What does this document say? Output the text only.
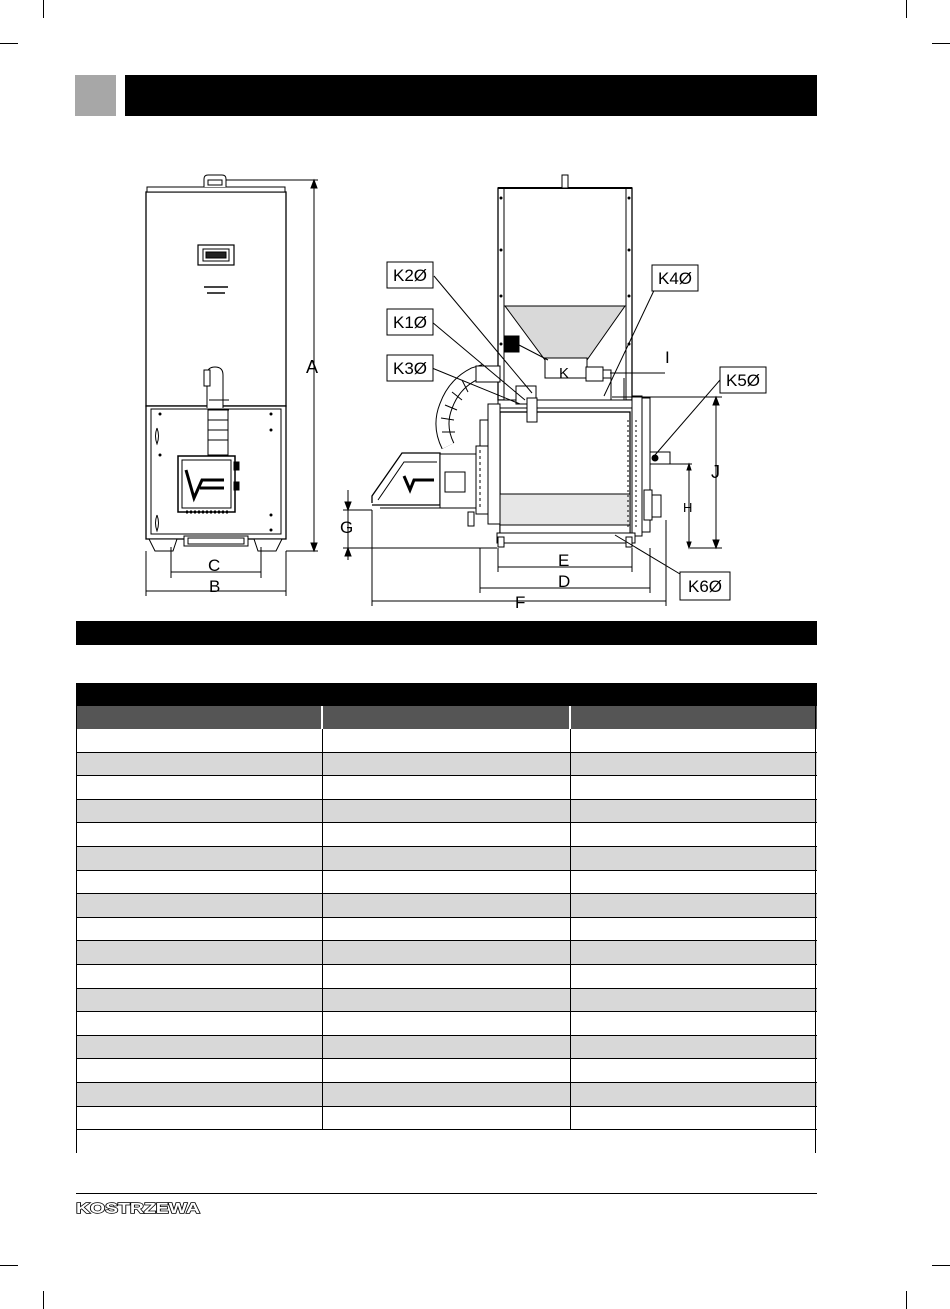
K2Ø
K1Ø
K3Ø
K4Ø
K5Ø
K6Ø
A
B
C
D
E
F
G
H
I
J
K

KOSTRZEWA
